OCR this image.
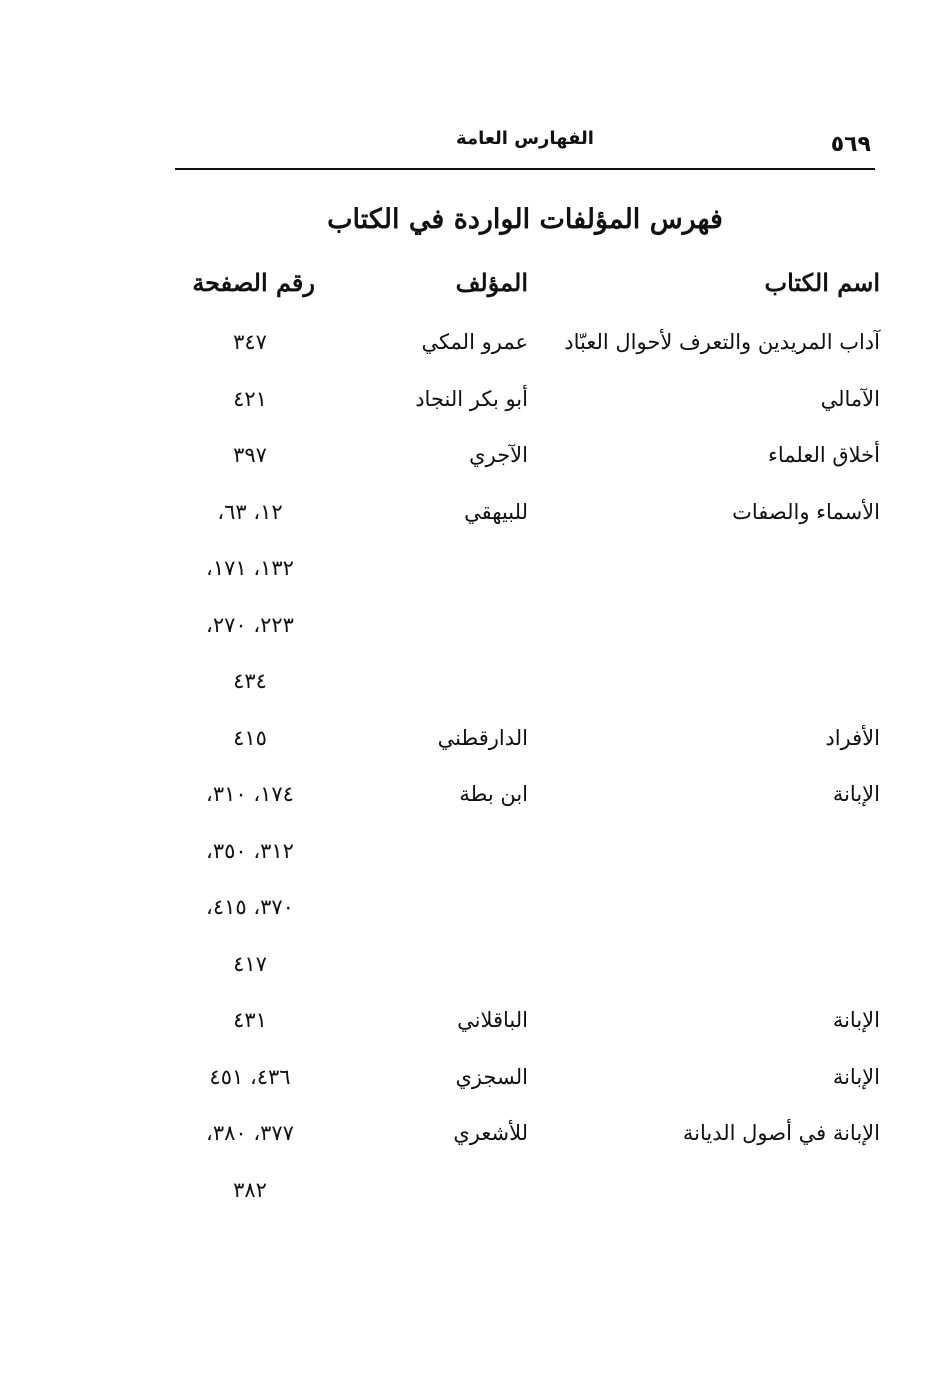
٥٦٩
الفهارس العامة
فهرس المؤلفات الواردة في الكتاب
اسم الكتاب
المؤلف
رقم الصفحة
آداب المريدين والتعرف لأحوال العبّاد
عمرو المكي
٣٤٧
الآمالي
أبو بكر النجاد
٤٢١
أخلاق العلماء
الآجري
٣٩٧
الأسماء والصفات
للبيهقي
١٢، ٦٣،
١٣٢، ١٧١،
٢٢٣، ٢٧٠،
٤٣٤
الأفراد
الدارقطني
٤١٥
الإبانة
ابن بطة
١٧٤، ٣١٠،
٣١٢، ٣٥٠،
٣٧٠، ٤١٥،
٤١٧
الإبانة
الباقلاني
٤٣١
الإبانة
السجزي
٤٣٦، ٤٥١
الإبانة في أصول الديانة
للأشعري
٣٧٧، ٣٨٠،
٣٨٢
